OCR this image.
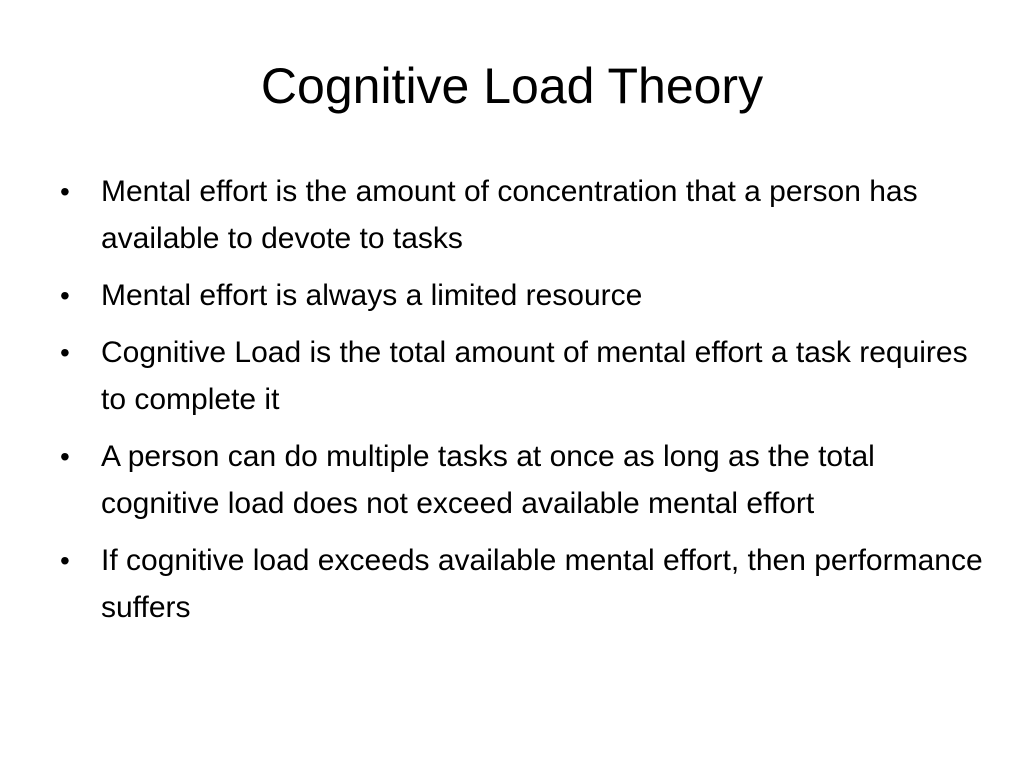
Cognitive Load Theory
• Mental effort is the amount of concentration that a person has available to devote to tasks
• Mental effort is always a limited resource
• Cognitive Load is the total amount of mental effort a task requires to complete it
• A person can do multiple tasks at once as long as the total cognitive load does not exceed available mental effort
• If cognitive load exceeds available mental effort, then performance suffers
